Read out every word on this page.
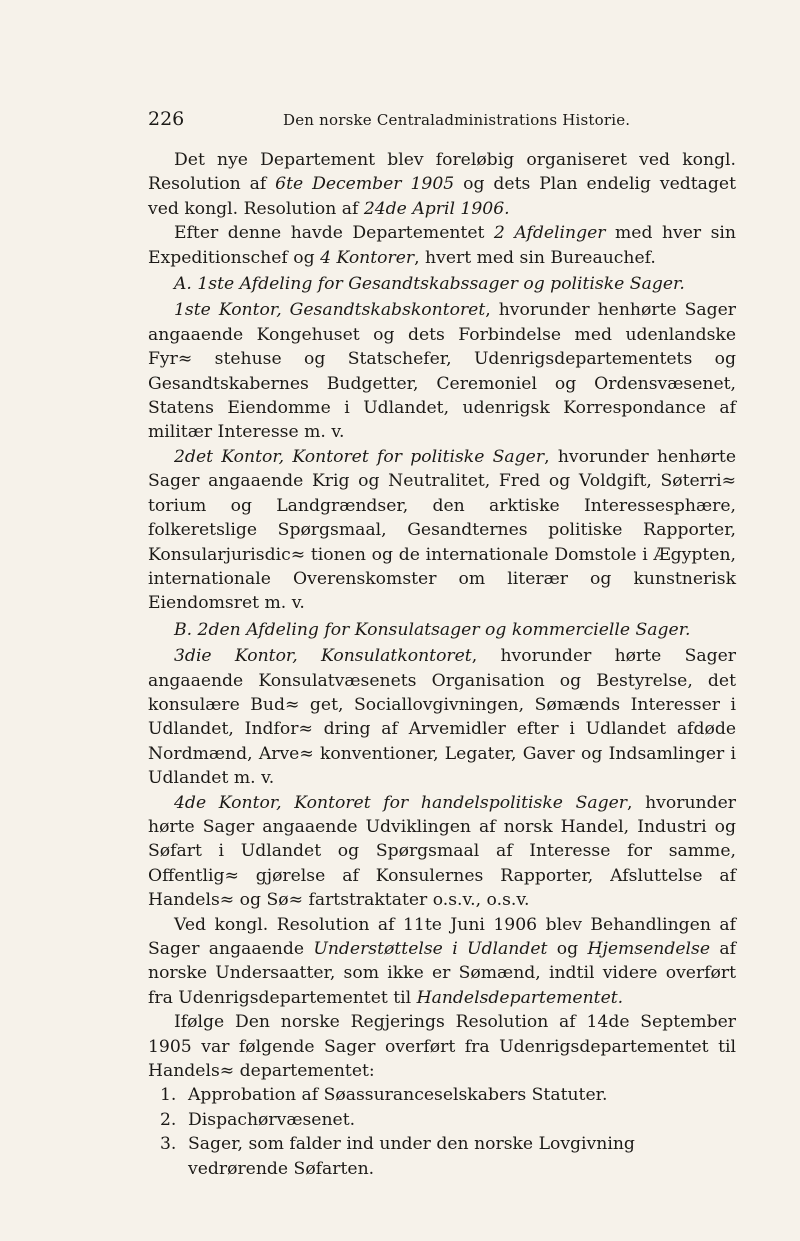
226	Den norske Centraladministrations Historie.

Det nye Departement blev foreløbig organiseret ved kongl. Resolution af 6te December 1905 og dets Plan endelig vedtaget ved kongl. Resolution af 24de April 1906.

Efter denne havde Departementet 2 Afdelinger med hver sin Expeditionschef og 4 Kontorer, hvert med sin Bureauchef.

A. 1ste Afdeling for Gesandtskabssager og politiske Sager.

1ste Kontor, Gesandtskabskontoret, hvorunder henhørte Sager angaaende Kongehuset og dets Forbindelse med udenlandske Fyr≈ stehuse og Statschefer, Udenrigsdepartementets og Gesandtskabernes Budgetter, Ceremoniel og Ordensvæsenet, Statens Eiendomme i Udlandet, udenrigsk Korrespondance af militær Interesse m. v.

2det Kontor, Kontoret for politiske Sager, hvorunder henhørte Sager angaaende Krig og Neutralitet, Fred og Voldgift, Søterri≈ torium og Landgrændser, den arktiske Interessesphære, folkeretslige Spørgsmaal, Gesandternes politiske Rapporter, Konsularjurisdic≈ tionen og de internationale Domstole i Ægypten, internationale Overenskomster om literær og kunstnerisk Eiendomsret m. v.

B. 2den Afdeling for Konsulatsager og kommercielle Sager.

3die Kontor, Konsulatkontoret, hvorunder hørte Sager angaaende Konsulatvæsenets Organisation og Bestyrelse, det konsulære Bud≈ get, Sociallovgivningen, Sømænds Interesser i Udlandet, Indfor≈ dring af Arvemidler efter i Udlandet afdøde Nordmænd, Arve≈ konventioner, Legater, Gaver og Indsamlinger i Udlandet m. v.

4de Kontor, Kontoret for handelspolitiske Sager, hvorunder hørte Sager angaaende Udviklingen af norsk Handel, Industri og Søfart i Udlandet og Spørgsmaal af Interesse for samme, Offentlig≈ gjørelse af Konsulernes Rapporter, Afsluttelse af Handels≈ og Sø≈ fartstraktater o.s.v., o.s.v.

Ved kongl. Resolution af 11te Juni 1906 blev Behandlingen af Sager angaaende Understøttelse i Udlandet og Hjemsendelse af norske Undersaatter, som ikke er Sømænd, indtil videre overført fra Udenrigsdepartementet til Handelsdepartementet.

Ifølge Den norske Regjerings Resolution af 14de September 1905 var følgende Sager overført fra Udenrigsdepartementet til Handels≈ departementet:

1. Approbation af Søassuranceselskabers Statuter.
2. Dispachørvæsenet.
3. Sager, som falder ind under den norske Lovgivning vedrørende Søfarten.
